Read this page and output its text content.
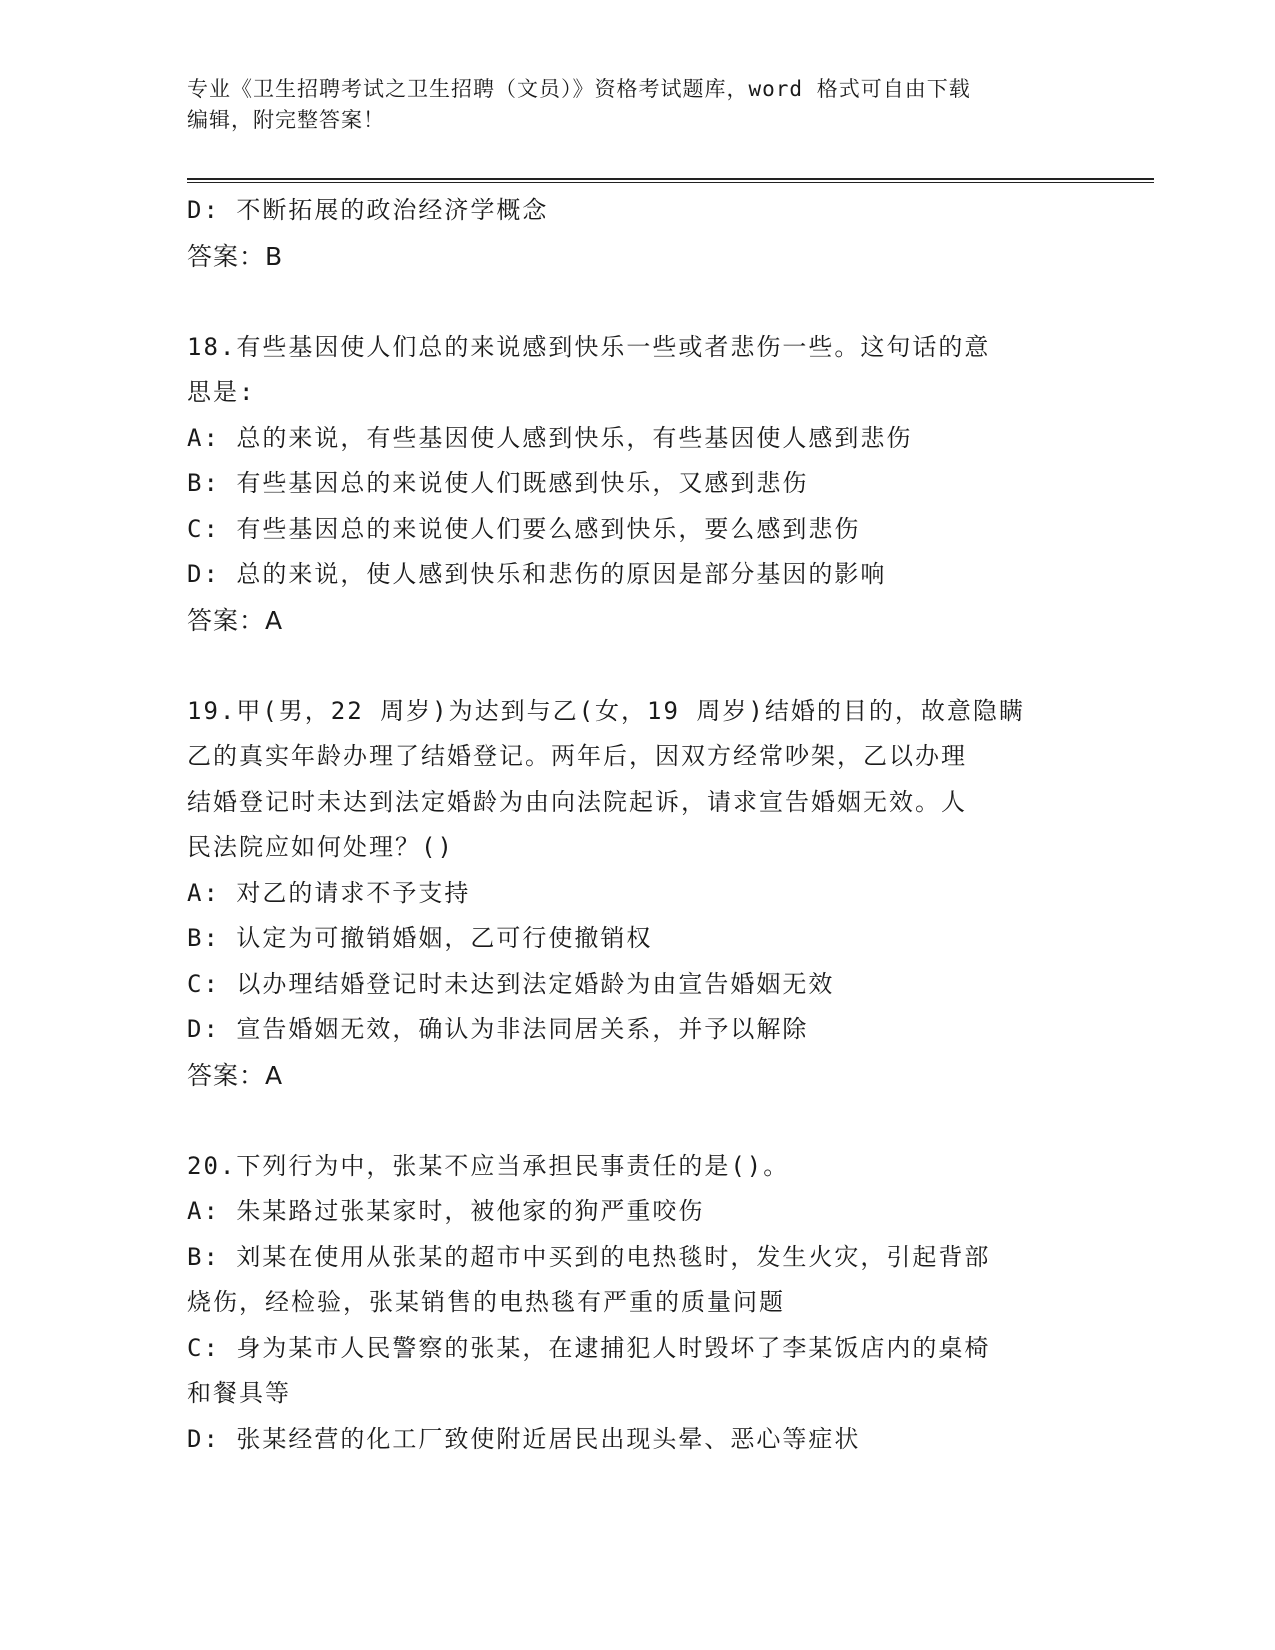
专业《卫生招聘考试之卫生招聘（文员）》资格考试题库，word 格式可自由下载
编辑，附完整答案！
D: 不断拓展的政治经济学概念
答案：B
18.有些基因使人们总的来说感到快乐一些或者悲伤一些。这句话的意
思是:
A: 总的来说，有些基因使人感到快乐，有些基因使人感到悲伤
B: 有些基因总的来说使人们既感到快乐，又感到悲伤
C: 有些基因总的来说使人们要么感到快乐，要么感到悲伤
D: 总的来说，使人感到快乐和悲伤的原因是部分基因的影响
答案：A
19.甲(男，22 周岁)为达到与乙(女，19 周岁)结婚的目的，故意隐瞒
乙的真实年龄办理了结婚登记。两年后，因双方经常吵架，乙以办理
结婚登记时未达到法定婚龄为由向法院起诉，请求宣告婚姻无效。人
民法院应如何处理？()
A: 对乙的请求不予支持
B: 认定为可撤销婚姻，乙可行使撤销权
C: 以办理结婚登记时未达到法定婚龄为由宣告婚姻无效
D: 宣告婚姻无效，确认为非法同居关系，并予以解除
答案：A
20.下列行为中，张某不应当承担民事责任的是()。
A: 朱某路过张某家时，被他家的狗严重咬伤
B: 刘某在使用从张某的超市中买到的电热毯时，发生火灾，引起背部
烧伤，经检验，张某销售的电热毯有严重的质量问题
C: 身为某市人民警察的张某，在逮捕犯人时毁坏了李某饭店内的桌椅
和餐具等
D: 张某经营的化工厂致使附近居民出现头晕、恶心等症状
